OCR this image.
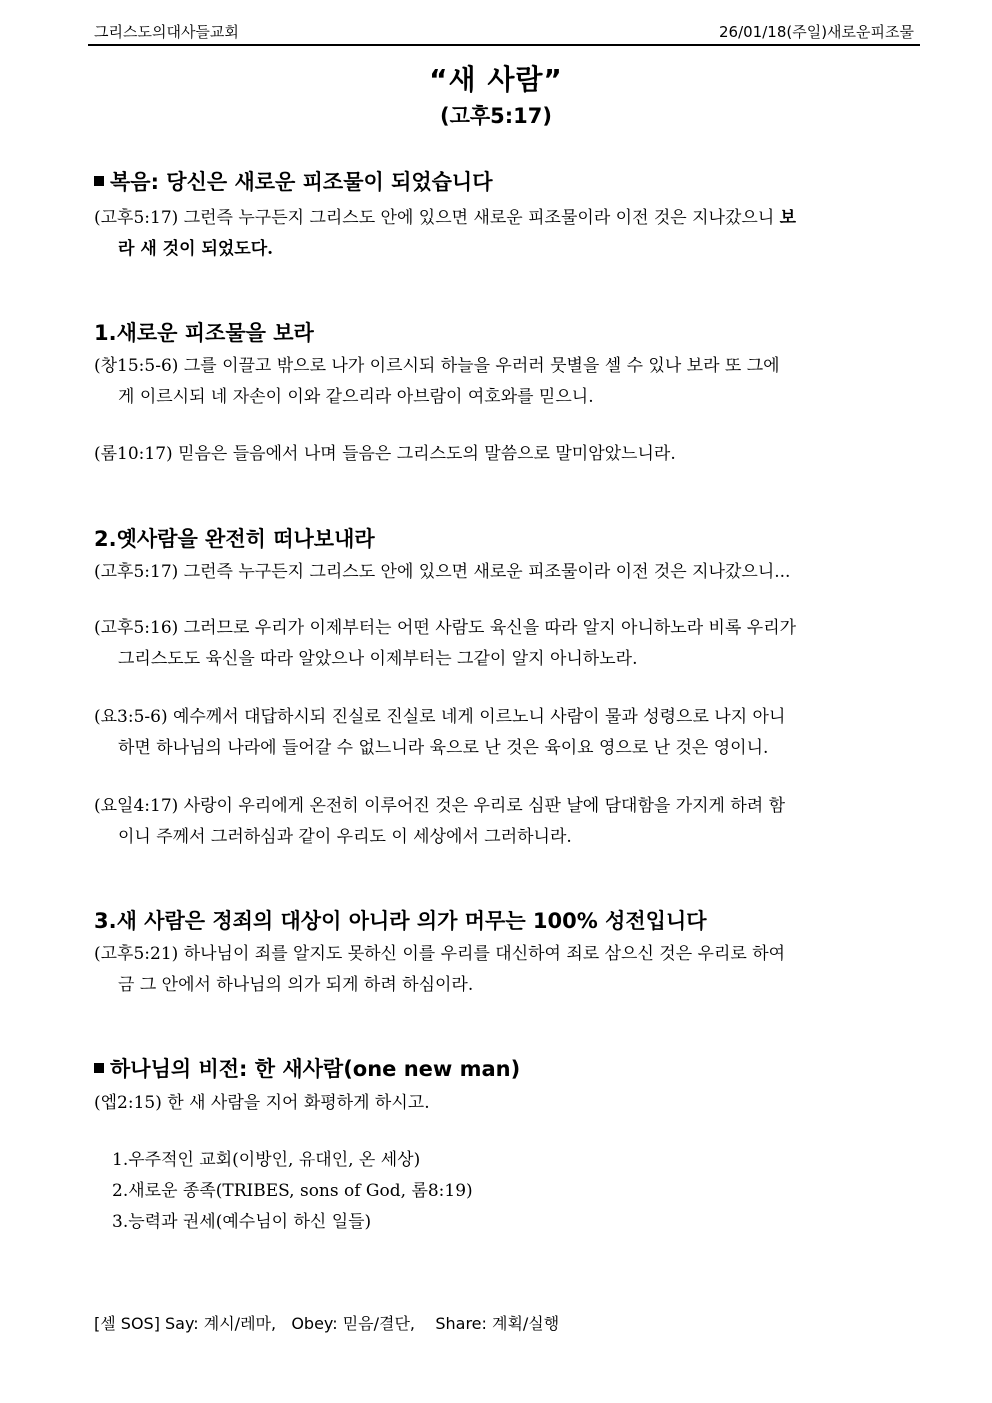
그리스도의대사들교회	26/01/18(주일)새로운피조물
“새 사람”
(고후5:17)
복음: 당신은 새로운 피조물이 되었습니다
(고후5:17) 그런즉 누구든지 그리스도 안에 있으면 새로운 피조물이라 이전 것은 지나갔으니 보
라 새 것이 되었도다.
1.새로운 피조물을 보라
(창15:5-6) 그를 이끌고 밖으로 나가 이르시되 하늘을 우러러 뭇별을 셀 수 있나 보라 또 그에
게 이르시되 네 자손이 이와 같으리라 아브람이 여호와를 믿으니.
(롬10:17) 믿음은 들음에서 나며 들음은 그리스도의 말씀으로 말미암았느니라.
2.옛사람을 완전히 떠나보내라
(고후5:17) 그런즉 누구든지 그리스도 안에 있으면 새로운 피조물이라 이전 것은 지나갔으니...
(고후5:16) 그러므로 우리가 이제부터는 어떤 사람도 육신을 따라 알지 아니하노라 비록 우리가
그리스도도 육신을 따라 알았으나 이제부터는 그같이 알지 아니하노라.
(요3:5-6) 예수께서 대답하시되 진실로 진실로 네게 이르노니 사람이 물과 성령으로 나지 아니
하면 하나님의 나라에 들어갈 수 없느니라 육으로 난 것은 육이요 영으로 난 것은 영이니.
(요일4:17) 사랑이 우리에게 온전히 이루어진 것은 우리로 심판 날에 담대함을 가지게 하려 함
이니 주께서 그러하심과 같이 우리도 이 세상에서 그러하니라.
3.새 사람은 정죄의 대상이 아니라 의가 머무는 100% 성전입니다
(고후5:21) 하나님이 죄를 알지도 못하신 이를 우리를 대신하여 죄로 삼으신 것은 우리로 하여
금 그 안에서 하나님의 의가 되게 하려 하심이라.
하나님의 비전: 한 새사람(one new man)
(엡2:15) 한 새 사람을 지어 화평하게 하시고.
1.우주적인 교회(이방인, 유대인, 온 세상)
2.새로운 종족(TRIBES, sons of God, 롬8:19)
3.능력과 권세(예수님이 하신 일들)
[셀 SOS] Say: 계시/레마,   Obey: 믿음/결단,    Share: 계획/실행
